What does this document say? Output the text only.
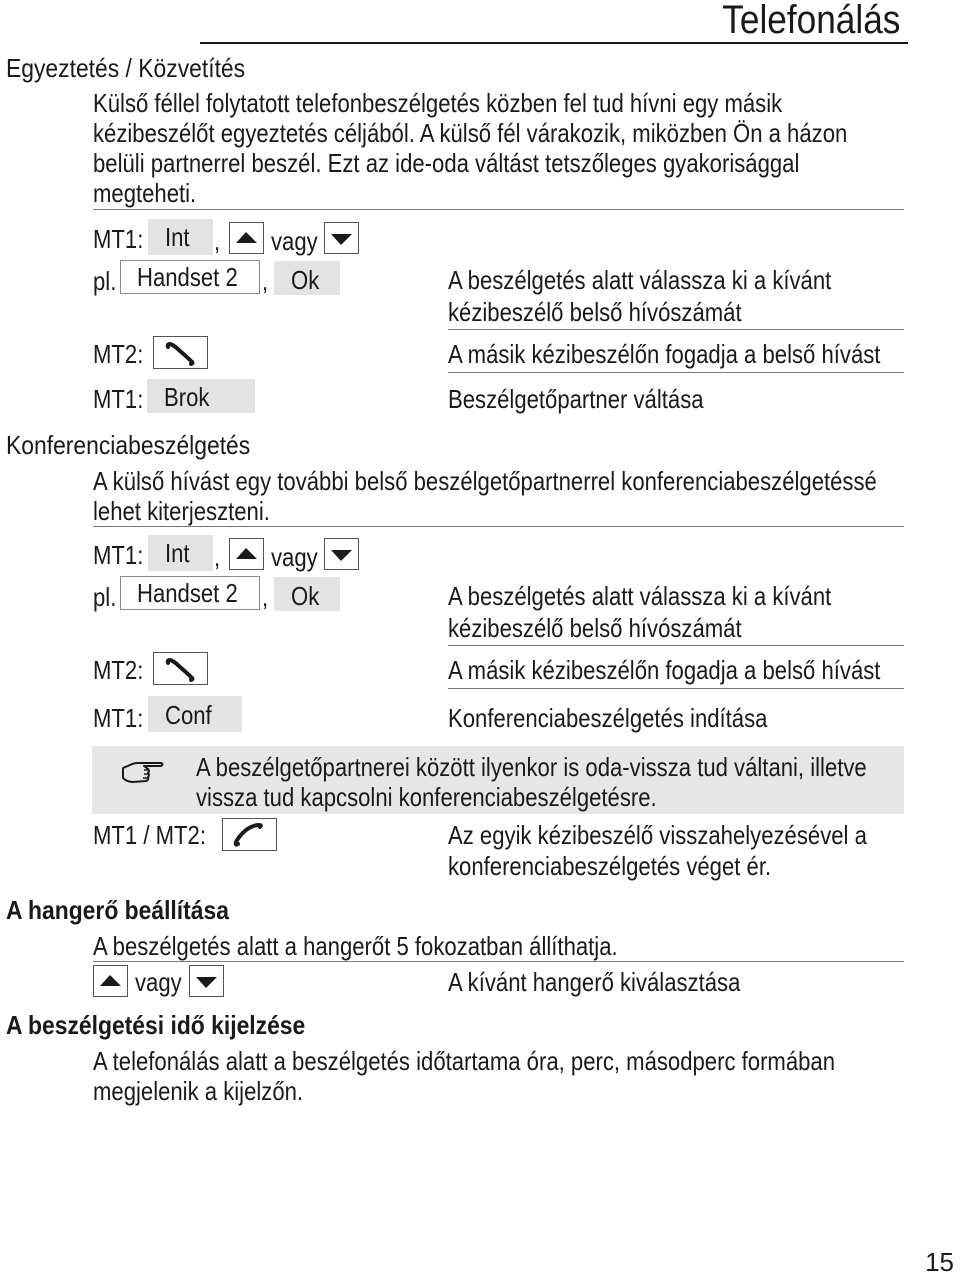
Telefonálás
Egyeztetés / Közvetítés
Külső féllel folytatott telefonbeszélgetés közben fel tud hívni egy másik
kézibeszélőt egyeztetés céljából. A külső fél várakozik, miközben Ön a házon
belüli partnerrel beszél. Ezt az ide-oda váltást tetszőleges gyakorisággal
megteheti.
MT1: Int , vagy
pl. Handset 2 , Ok	A beszélgetés alatt válassza ki a kívánt
kézibeszélő belső hívószámát
MT2:	A másik kézibeszélőn fogadja a belső hívást
MT1: Brok	Beszélgetőpartner váltása
Konferenciabeszélgetés
A külső hívást egy további belső beszélgetőpartnerrel konferenciabeszélgetéssé
lehet kiterjeszteni.
MT1: Int , vagy
pl. Handset 2 , Ok	A beszélgetés alatt válassza ki a kívánt
kézibeszélő belső hívószámát
MT2:	A másik kézibeszélőn fogadja a belső hívást
MT1: Conf	Konferenciabeszélgetés indítása
A beszélgetőpartnerei között ilyenkor is oda-vissza tud váltani, illetve
vissza tud kapcsolni konferenciabeszélgetésre.
MT1 / MT2:	Az egyik kézibeszélő visszahelyezésével a
konferenciabeszélgetés véget ér.
A hangerő beállítása
A beszélgetés alatt a hangerőt 5 fokozatban állíthatja.
vagy	A kívánt hangerő kiválasztása
A beszélgetési idő kijelzése
A telefonálás alatt a beszélgetés időtartama óra, perc, másodperc formában
megjelenik a kijelzőn.
15
